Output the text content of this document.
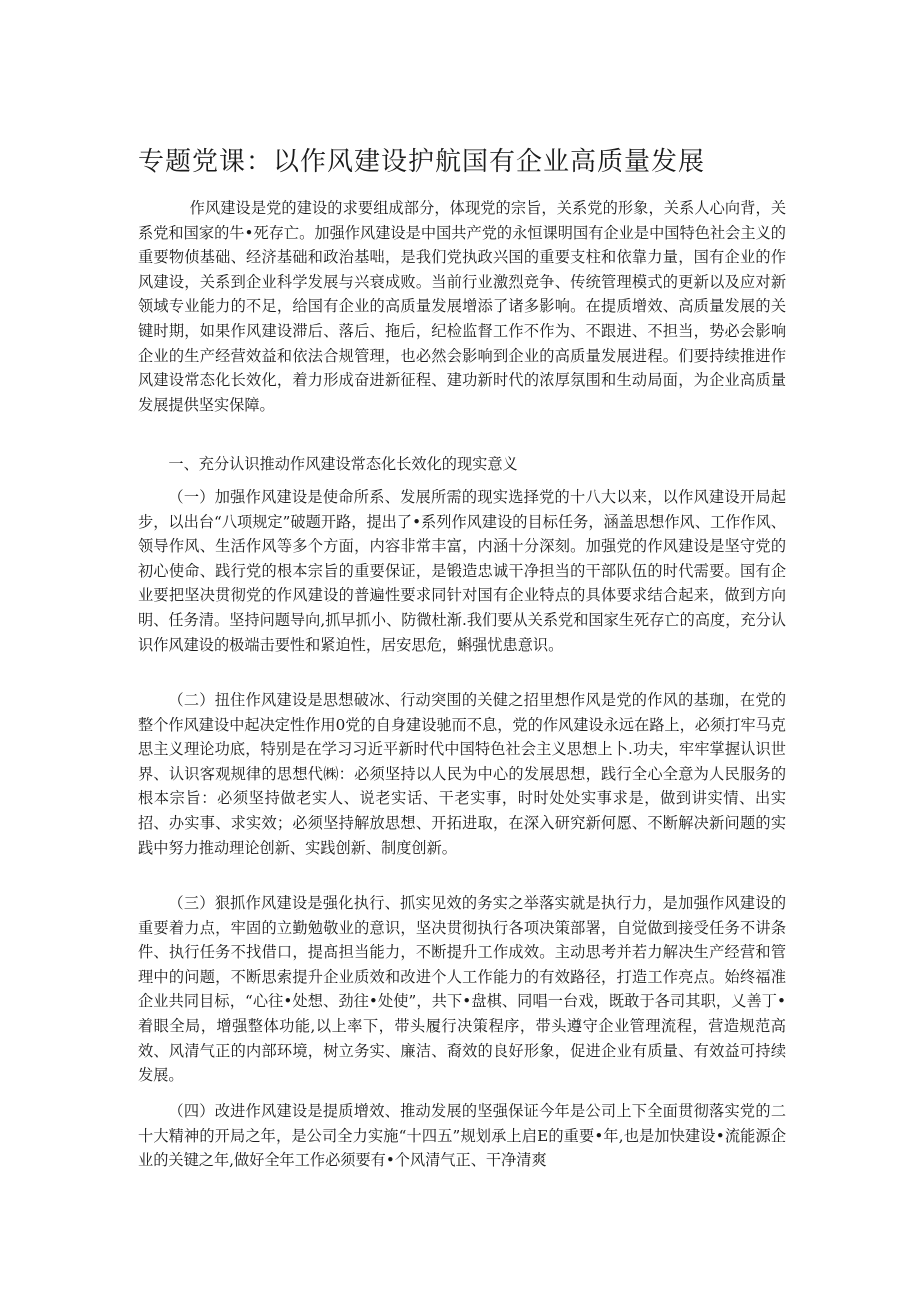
专题党课：以作风建设护航国有企业高质量发展

作风建设是党的建设的求要组成部分，体现党的宗旨，关系党的形象，关系人心向背，关系党和国家的牛•死存亡。加强作风建设是中国共产党的永恒课明国有企业是中国特色社会主义的重要物侦基础、经济基础和政治基咄，是我们党执政兴国的重要支柱和依靠力量，国有企业的作风建设，关系到企业科学发展与兴衰成败。当前行业激烈竞争、传统管理模式的更新以及应对新领域专业能力的不足，给国有企业的高质量发展增添了诸多影响。在提质增效、高质量发展的关键时期，如果作风建设滞后、落后、拖后，纪检监督工作不作为、不跟进、不担当，势必会影响企业的生产经营效益和依法合规管理，也必然会影响到企业的高质量发展进程。们要持续推进作风建设常态化长效化，着力形成奋进新征程、建功新时代的浓厚氛围和生动局面，为企业高质量发展提供坚实保障。

一、充分认识推动作风建设常态化长效化的现实意义

（一）加强作风建设是使命所系、发展所需的现实选择党的十八大以来，以作风建设开局起步，以出台“八项规定”破题开路，提出了•系列作风建设的目标任务，涵盖思想作风、工作作风、领导作风、生活作风等多个方面，内容非常丰富，内涵十分深刻。加强党的作风建设是坚守党的初心使命、践行党的根本宗旨的重要保证，是锻造忠诚干净担当的干部队伍的时代需要。国有企业要把坚决贯彻党的作风建设的普遍性要求同针对国有企业特点的具体要求结合起来，做到方向明、任务清。坚持问题导向,抓早抓小、防微杜渐.我们要从关系党和国家生死存亡的高度，充分认识作风建设的极端击要性和紧迫性，居安思危，蝌强忧患意识。

（二）扭住作风建设是思想破冰、行动突围的关健之招里想作风是党的作风的基珈，在党的整个作风建设中起决定性作用0党的自身建设驰而不息，党的作风建设永远在路上，必须打牢马克思主义理论功底，特别是在学习习近平新时代中国特色社会主义思想上卜.功夫，牢牢掌握认识世界、认识客观规律的思想代㈱：必须坚持以人民为中心的发展思想，践行全心全意为人民服务的根本宗旨：必须坚持做老实人、说老实话、干老实事，时时处处实事求是，做到讲实情、出实招、办实事、求实效；必须坚持解放思想、开拓进取，在深入研究新何愿、不断解决新问题的实践中努力推动理论创新、实践创新、制度创新。

（三）狠抓作风建设是强化执行、抓实见效的务实之举落实就是执行力，是加强作风建设的重要着力点，牢固的立勤勉敬业的意识，坚决贯彻执行各项决策部署，自觉做到接受任务不讲条件、执行任务不找借口，提髙担当能力，不断提升工作成效。主动思考并若力解决生产经营和管理中的问题，不断思索提升企业质效和改进个人工作能力的有效路径，打造工作亮点。始终福准企业共同目标，“心往•处想、劲往•处使”，共下•盘棋、同唱一台戏，既敢于各司其职，乂善丁•着眼全局，增强整体功能,以上率下，带头履行决策程序，带头遵守企业管理流程，营造规范高效、风清气正的内部环境，树立务实、廉洁、裔效的良好形象，促进企业有质量、有效益可持续发展。

（四）改进作风建设是提质增效、推动发展的坚强保证今年是公司上下全面贯彻落实党的二十大精神的开局之年，是公司全力实施“十四五”规划承上启E的重要•年,也是加快建设•流能源企业的关键之年,做好全年工作必须要有•个风清气正、干净清爽
